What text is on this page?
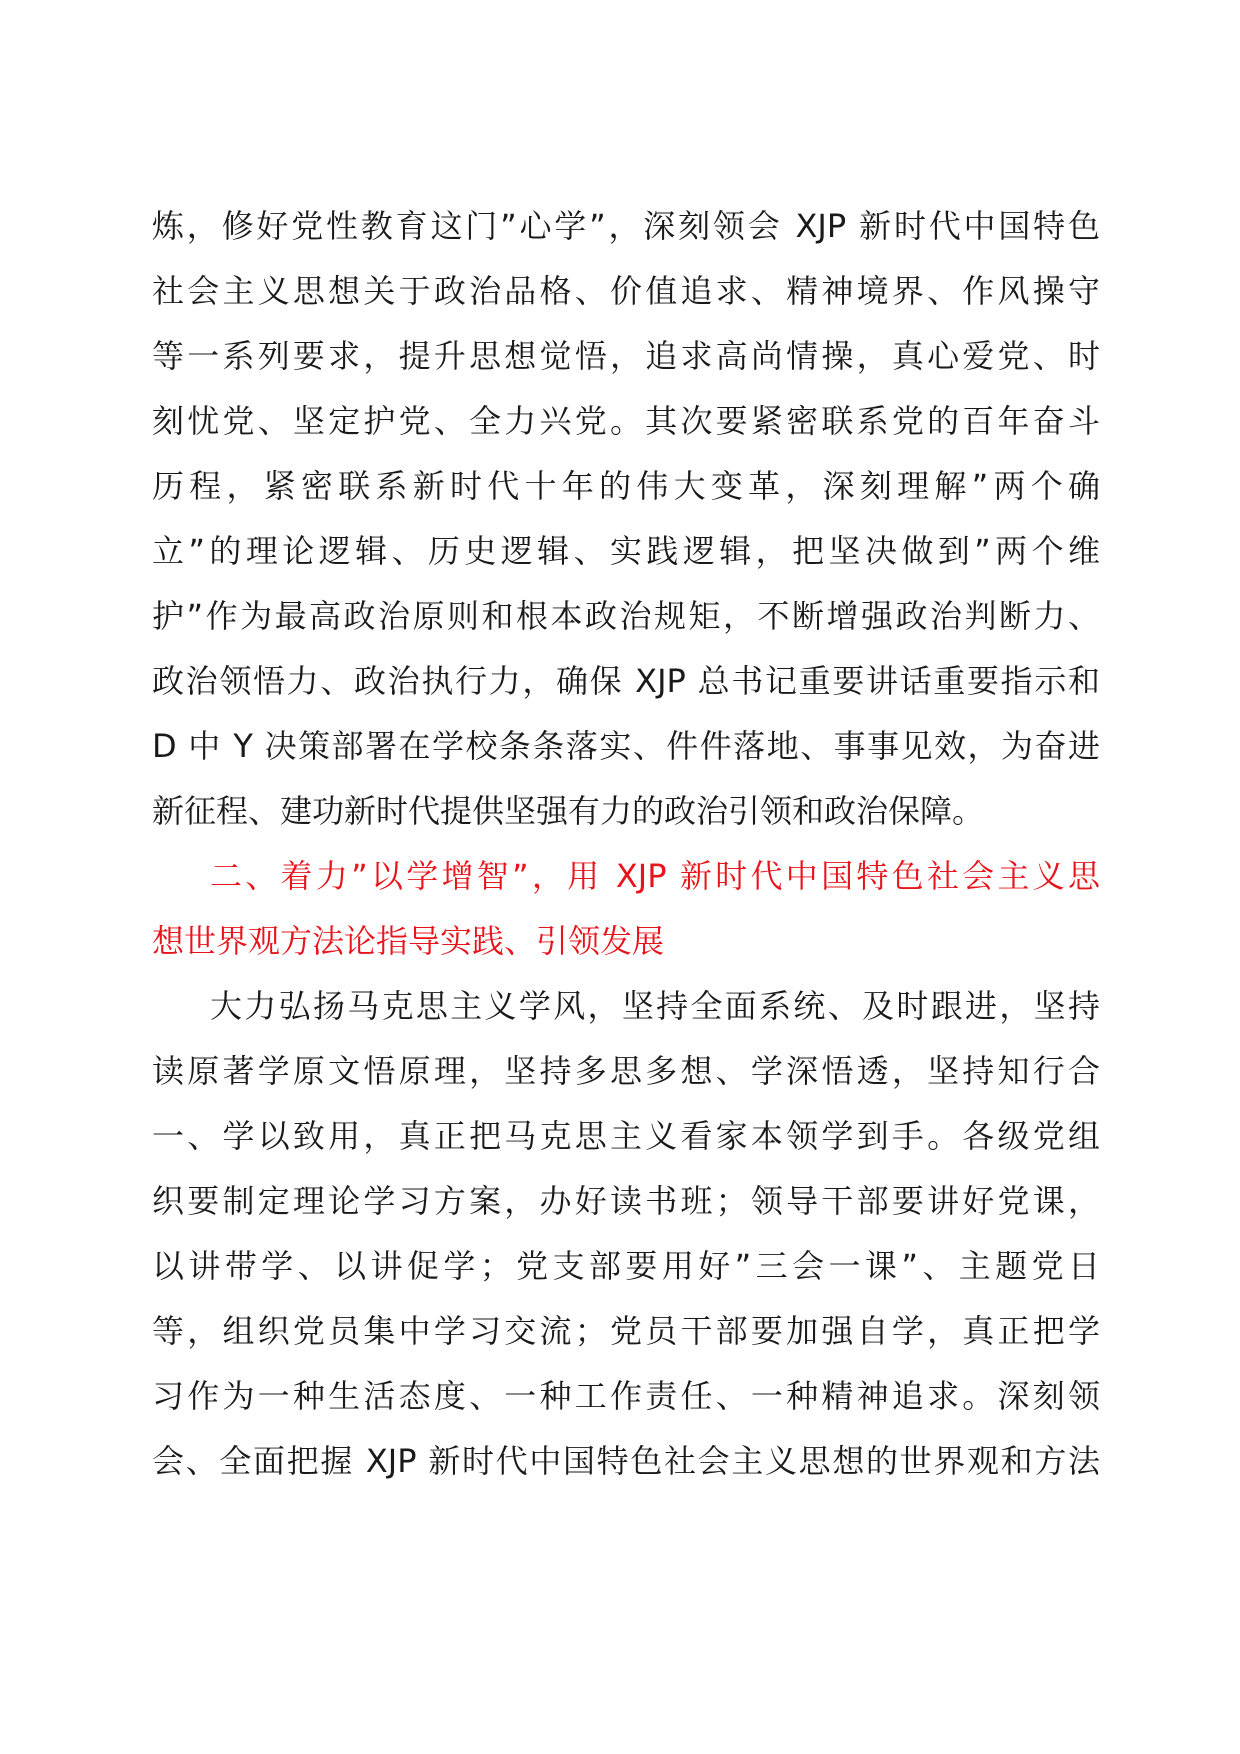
炼，修好党性教育这门”心学”，深刻领会 XJP 新时代中国特色
社会主义思想关于政治品格、价值追求、精神境界、作风操守
等一系列要求，提升思想觉悟，追求高尚情操，真心爱党、时
刻忧党、坚定护党、全力兴党。其次要紧密联系党的百年奋斗
历程，紧密联系新时代十年的伟大变革，深刻理解”两个确
立”的理论逻辑、历史逻辑、实践逻辑，把坚决做到”两个维
护”作为最高政治原则和根本政治规矩，不断增强政治判断力、
政治领悟力、政治执行力，确保 XJP 总书记重要讲话重要指示和
D 中 Y 决策部署在学校条条落实、件件落地、事事见效，为奋进
新征程、建功新时代提供坚强有力的政治引领和政治保障。
二、着力”以学增智”，用 XJP 新时代中国特色社会主义思
想世界观方法论指导实践、引领发展
大力弘扬马克思主义学风，坚持全面系统、及时跟进，坚持
读原著学原文悟原理，坚持多思多想、学深悟透，坚持知行合
一、学以致用，真正把马克思主义看家本领学到手。各级党组
织要制定理论学习方案，办好读书班；领导干部要讲好党课，
以讲带学、以讲促学；党支部要用好”三会一课”、主题党日
等，组织党员集中学习交流；党员干部要加强自学，真正把学
习作为一种生活态度、一种工作责任、一种精神追求。深刻领
会、全面把握 XJP 新时代中国特色社会主义思想的世界观和方法
